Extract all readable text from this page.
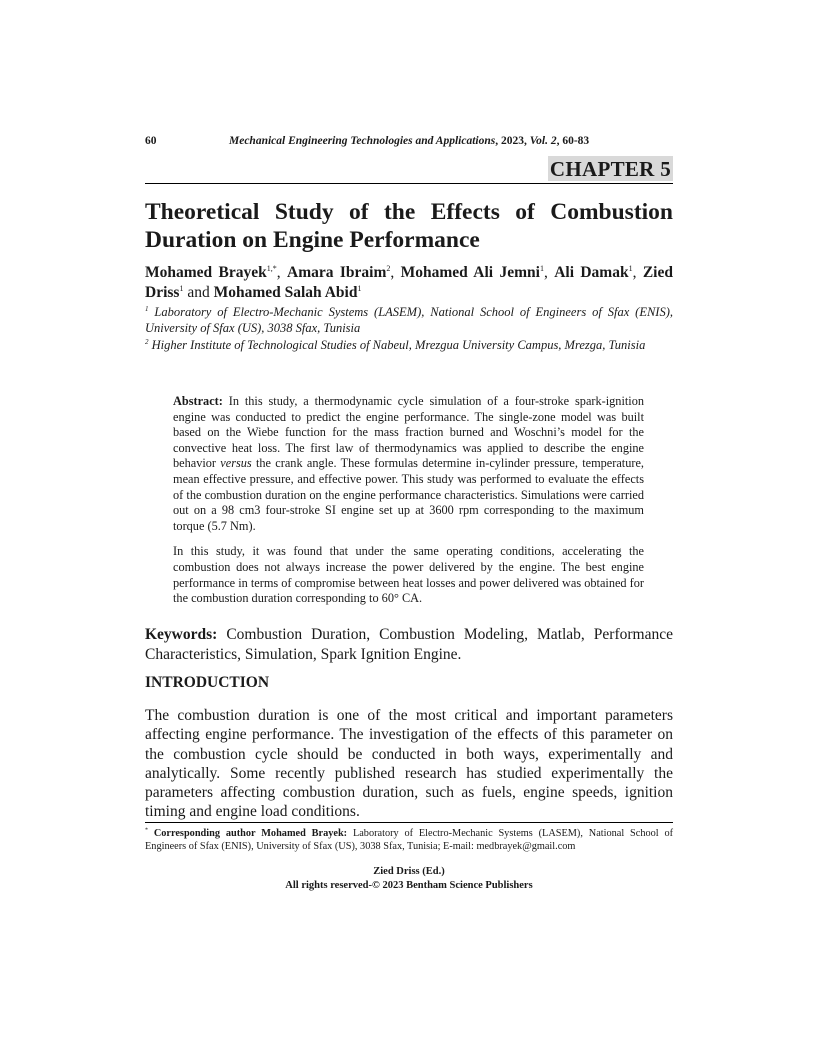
60	Mechanical Engineering Technologies and Applications, 2023, Vol. 2, 60-83
CHAPTER 5
Theoretical Study of the Effects of Combustion Duration on Engine Performance
Mohamed Brayek$^{1,*}$, Amara Ibraim$^2$, Mohamed Ali Jemni$^1$, Ali Damak$^1$, Zied Driss$^1$ and Mohamed Salah Abid$^1$
$^1$ Laboratory of Electro-Mechanic Systems (LASEM), National School of Engineers of Sfax (ENIS), University of Sfax (US), 3038 Sfax, Tunisia
$^2$ Higher Institute of Technological Studies of Nabeul, Mrezgua University Campus, Mrezga, Tunisia

Abstract: In this study, a thermodynamic cycle simulation of a four-stroke spark-ignition engine was conducted to predict the engine performance. The single-zone model was built based on the Wiebe function for the mass fraction burned and Woschni’s model for the convective heat loss. The first law of thermodynamics was applied to describe the engine behavior versus the crank angle. These formulas determine in-cylinder pressure, temperature, mean effective pressure, and effective power. This study was performed to evaluate the effects of the combustion duration on the engine performance characteristics. Simulations were carried out on a 98 cm3 four-stroke SI engine set up at 3600 rpm corresponding to the maximum torque (5.7 Nm).

In this study, it was found that under the same operating conditions, accelerating the combustion does not always increase the power delivered by the engine. The best engine performance in terms of compromise between heat losses and power delivered was obtained for the combustion duration corresponding to 60° CA.

Keywords: Combustion Duration, Combustion Modeling, Matlab, Performance Characteristics, Simulation, Spark Ignition Engine.
INTRODUCTION
The combustion duration is one of the most critical and important parameters affecting engine performance. The investigation of the effects of this parameter on the combustion cycle should be conducted in both ways, experimentally and analytically. Some recently published research has studied experimentally the parameters affecting combustion duration, such as fuels, engine speeds, ignition timing and engine load conditions.
* Corresponding author Mohamed Brayek: Laboratory of Electro-Mechanic Systems (LASEM), National School of Engineers of Sfax (ENIS), University of Sfax (US), 3038 Sfax, Tunisia; E-mail: medbrayek@gmail.com
Zied Driss (Ed.)
All rights reserved-© 2023 Bentham Science Publishers
